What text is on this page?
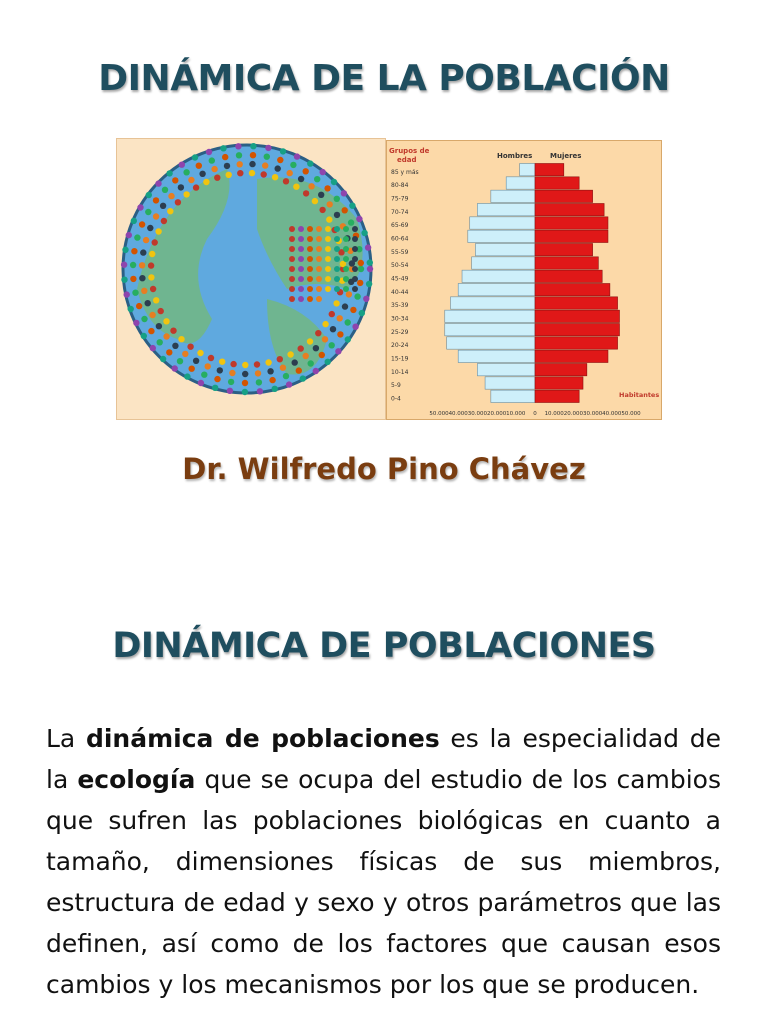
DINÁMICA DE LA POBLACIÓN
Grupos de
edad	Hombres	Mujeres
Habitantes
0-4
5-9
10-14
15-19
20-24
25-29
30-34
35-39
40-44
45-49
50-54
55-59
60-64
65-69
70-74
75-79
80-84
85 y más
50.000 40.000 30.000 20.000 10.000 0 10.000 20.000 30.000 40.000 50.000
Dr. Wilfredo Pino Chávez
DINÁMICA DE POBLACIONES
La dinámica de poblaciones es la especialidad de la ecología que se ocupa del estudio de los cambios que sufren las poblaciones biológicas en cuanto a tamaño, dimensiones físicas de sus miembros, estructura de edad y sexo y otros parámetros que las definen, así como de los factores que causan esos cambios y los mecanismos por los que se producen.
